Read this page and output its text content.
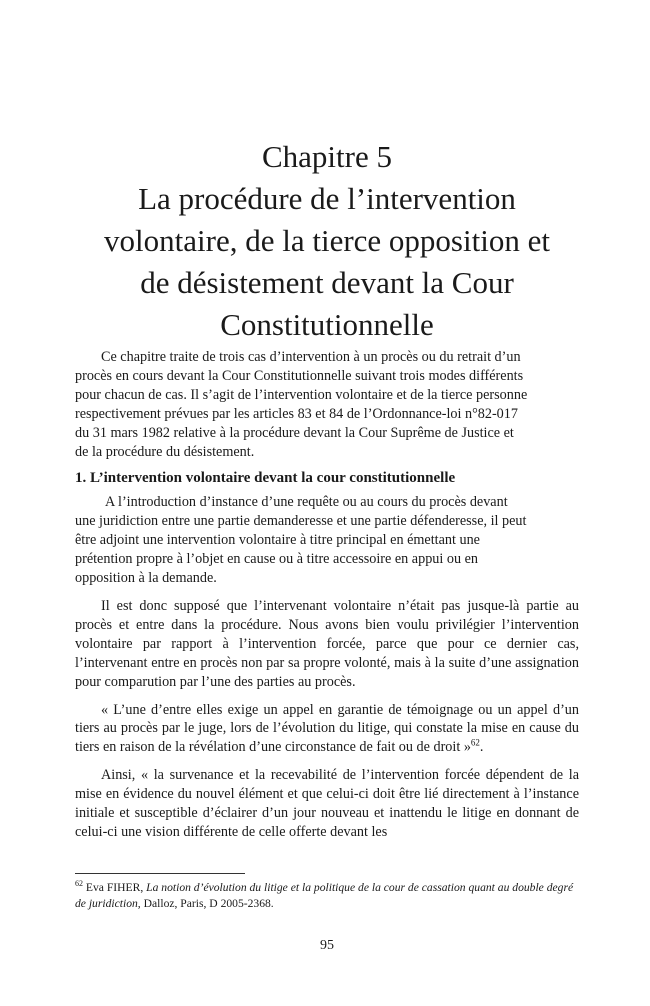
Chapitre 5
La procédure de l’intervention
volontaire, de la tierce opposition et
de désistement devant la Cour
Constitutionnelle

Ce chapitre traite de trois cas d’intervention à un procès ou du retrait d’un
procès en cours devant la Cour Constitutionnelle suivant trois modes différents
pour chacun de cas. Il s’agit de l’intervention volontaire et de la tierce personne
respectivement prévues par les articles 83 et 84 de l’Ordonnance-loi n°82-017
du 31 mars 1982 relative à la procédure devant la Cour Suprême de Justice et
de la procédure du désistement.

1. L’intervention volontaire devant la cour constitutionnelle

A l’introduction d’instance d’une requête ou au cours du procès devant
une juridiction entre une partie demanderesse et une partie défenderesse, il peut
être adjoint une intervention volontaire à titre principal en émettant une
prétention propre à l’objet en cause ou à titre accessoire en appui ou en
opposition à la demande.

Il est donc supposé que l’intervenant volontaire n’était pas jusque-là partie au procès et entre dans la procédure. Nous avons bien voulu privilégier l’intervention volontaire par rapport à l’intervention forcée, parce que pour ce dernier cas, l’intervenant entre en procès non par sa propre volonté, mais à la suite d’une assignation pour comparution par l’une des parties au procès.

« L’une d’entre elles exige un appel en garantie de témoignage ou un appel d’un tiers au procès par le juge, lors de l’évolution du litige, qui constate la mise en cause du tiers en raison de la révélation d’une circonstance de fait ou de droit »$^{62}$.

Ainsi, « la survenance et la recevabilité de l’intervention forcée dépendent de la mise en évidence du nouvel élément et que celui-ci doit être lié directement à l’instance initiale et susceptible d’éclairer d’un jour nouveau et inattendu le litige en donnant de celui-ci une vision différente de celle offerte devant les

$^{62}$ Eva FIHER, La notion d’évolution du litige et la politique de la cour de cassation quant au double degré de juridiction, Dalloz, Paris, D 2005-2368.
95
